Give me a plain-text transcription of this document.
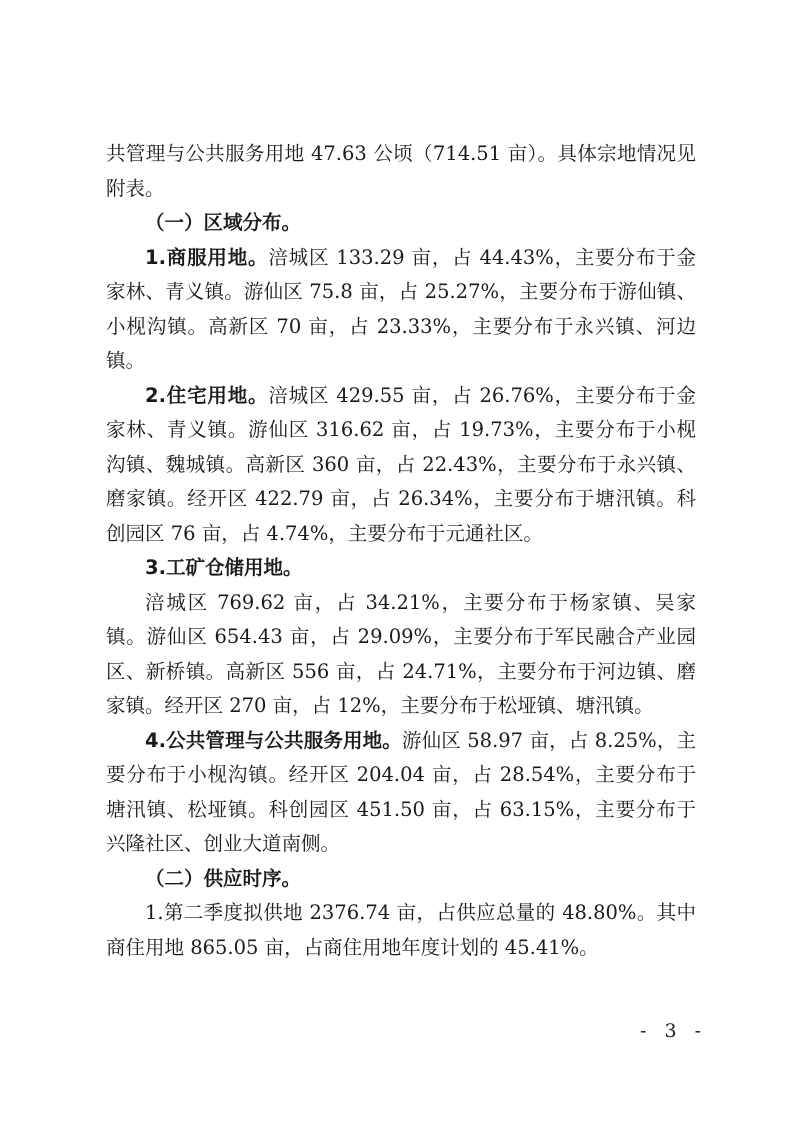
共管理与公共服务用地 47.63 公顷（714.51 亩）。具体宗地情况见附表。

（一）区域分布。

1.商服用地。涪城区 133.29 亩，占 44.43%，主要分布于金家林、青义镇。游仙区 75.8 亩，占 25.27%，主要分布于游仙镇、小枧沟镇。高新区 70 亩，占 23.33%，主要分布于永兴镇、河边镇。

2.住宅用地。涪城区 429.55 亩，占 26.76%，主要分布于金家林、青义镇。游仙区 316.62 亩，占 19.73%，主要分布于小枧沟镇、魏城镇。高新区 360 亩，占 22.43%，主要分布于永兴镇、磨家镇。经开区 422.79 亩，占 26.34%，主要分布于塘汛镇。科创园区 76 亩，占 4.74%，主要分布于元通社区。

3.工矿仓储用地。

涪城区 769.62 亩，占 34.21%，主要分布于杨家镇、吴家镇。游仙区 654.43 亩，占 29.09%，主要分布于军民融合产业园区、新桥镇。高新区 556 亩，占 24.71%，主要分布于河边镇、磨家镇。经开区 270 亩，占 12%，主要分布于松垭镇、塘汛镇。

4.公共管理与公共服务用地。游仙区 58.97 亩，占 8.25%，主要分布于小枧沟镇。经开区 204.04 亩，占 28.54%，主要分布于塘汛镇、松垭镇。科创园区 451.50 亩，占 63.15%，主要分布于兴隆社区、创业大道南侧。

（二）供应时序。

1.第二季度拟供地 2376.74 亩，占供应总量的 48.80%。其中商住用地 865.05 亩，占商住用地年度计划的 45.41%。

- 3 -
